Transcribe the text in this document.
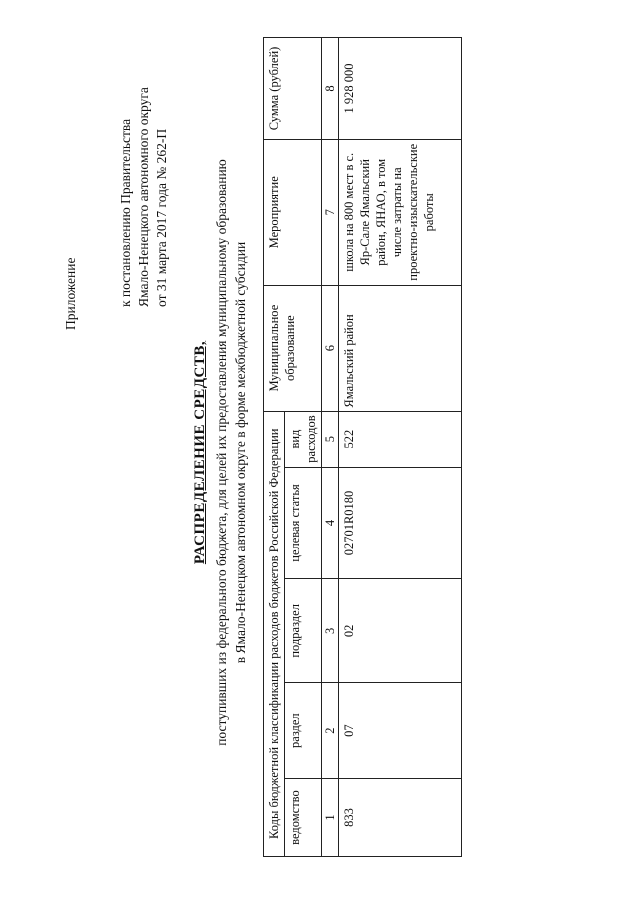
Приложение	к постановлению Правительства Ямало-Ненецкого автономного округа от 31 марта 2017 года № 262-П
РАСПРЕДЕЛЕНИЕ СРЕДСТВ, поступивших из федерального бюджета, для целей их предоставления муниципальному образованию в Ямало-Ненецком автономном округе в форме межбюджетной субсидии Коды бюджетной классификации расходов бюджетов Российской Федерации					Муниципальное образование	Мероприятие	Сумма (рублей)
ведомство	раздел	подраздел	целевая статья	вид расходов			
1	2	3	4	5	6	7	8
833	07	02	02701R0180	522	Ямальский район	школа на 800 мест в с. Яр-Сале Ямальский район, ЯНАО, в том числе затраты на проектно-изыскательские работы	1 928 000
